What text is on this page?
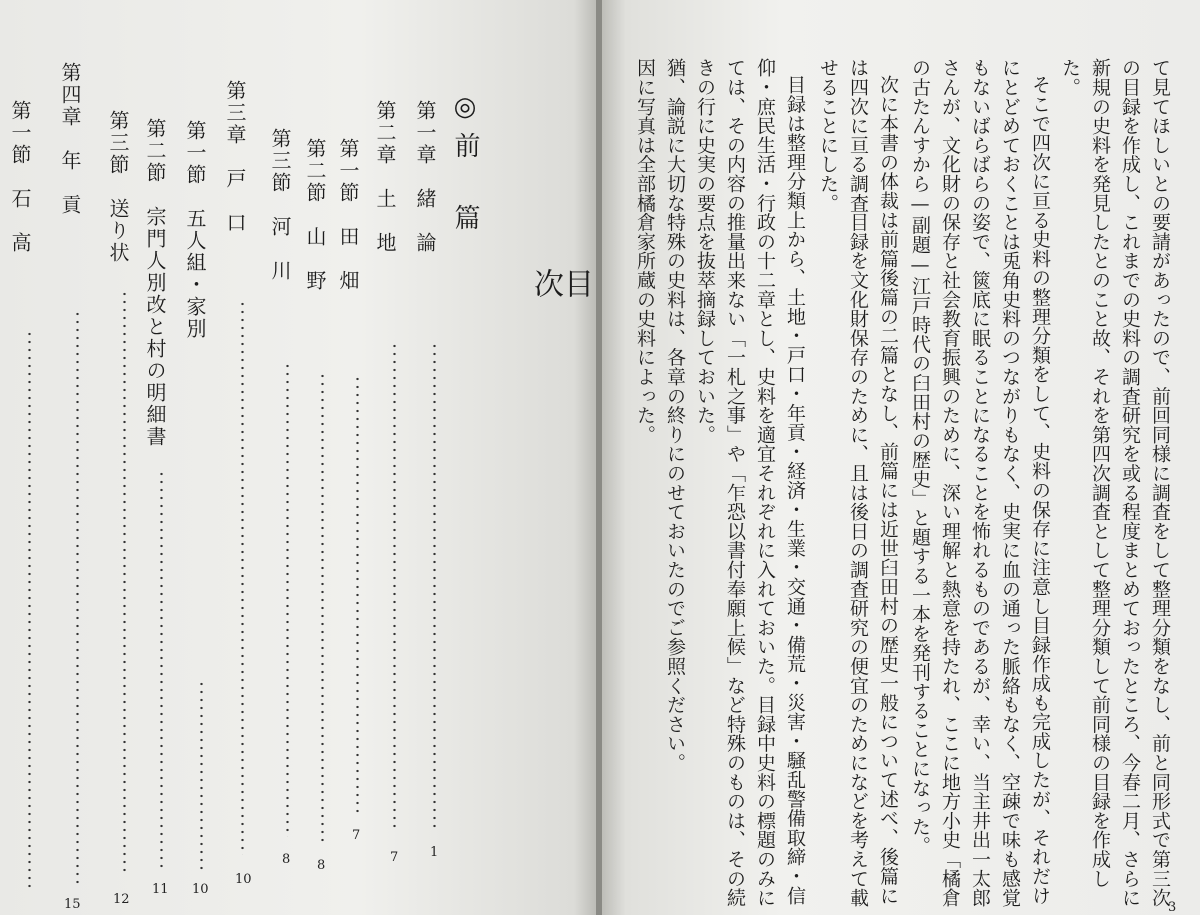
目
次
◎前　篇
第一章　緒　論
1
第二章　土　地
7
第一節　田　畑
7
第二節　山　野
8
第三節　河　川
8
第三章　戸　口
10
第一節　五人組・家別
10
第二節　宗門人別改と村の明細書
11
第三節　送り状
12
第四章　年　貢
15
第一節　石　高	て見てほしいとの要請があったので、前回同様に調査をして整理分類をなし、前と同形式で第三次
の目録を作成し、これまでの史料の調査研究を或る程度まとめておったところ、今春二月、さらに
新規の史料を発見したとのこと故、それを第四次調査として整理分類して前同様の目録を作成し
た。
そこで四次に亘る史料の整理分類をして、史料の保存に注意し目録作成も完成したが、それだけ
にとどめておくことは兎角史料のつながりもなく、史実に血の通った脈絡もなく、空疎で味も感覚
もないばらばらの姿で、篋底に眠ることになることを怖れるものであるが、幸い、当主井出一太郎
さんが、文化財の保存と社会教育振興のために、深い理解と熱意を持たれ、ここに地方小史「橘倉
の古たんすから—副題—江戸時代の臼田村の歴史」と題する一本を発刊することになった。
次に本書の体裁は前篇後篇の二篇となし、前篇には近世臼田村の歴史一般について述べ、後篇に
は四次に亘る調査目録を文化財保存のために、且は後日の調査研究の便宜のためになどを考えて載
せることにした。
目録は整理分類上から、土地・戸口・年貢・経済・生業・交通・備荒・災害・騒乱警備取締・信
仰・庶民生活・行政の十二章とし、史料を適宜それぞれに入れておいた。目録中史料の標題のみに
ては、その内容の推量出来ない「一札之事」や「乍恐以書付奉願上候」など特殊のものは、その続
きの行に史実の要点を抜萃摘録しておいた。
猶、論説に大切な特殊の史料は、各章の終りにのせておいたのでご参照ください。
因に写真は全部橘倉家所蔵の史料によった。
3
